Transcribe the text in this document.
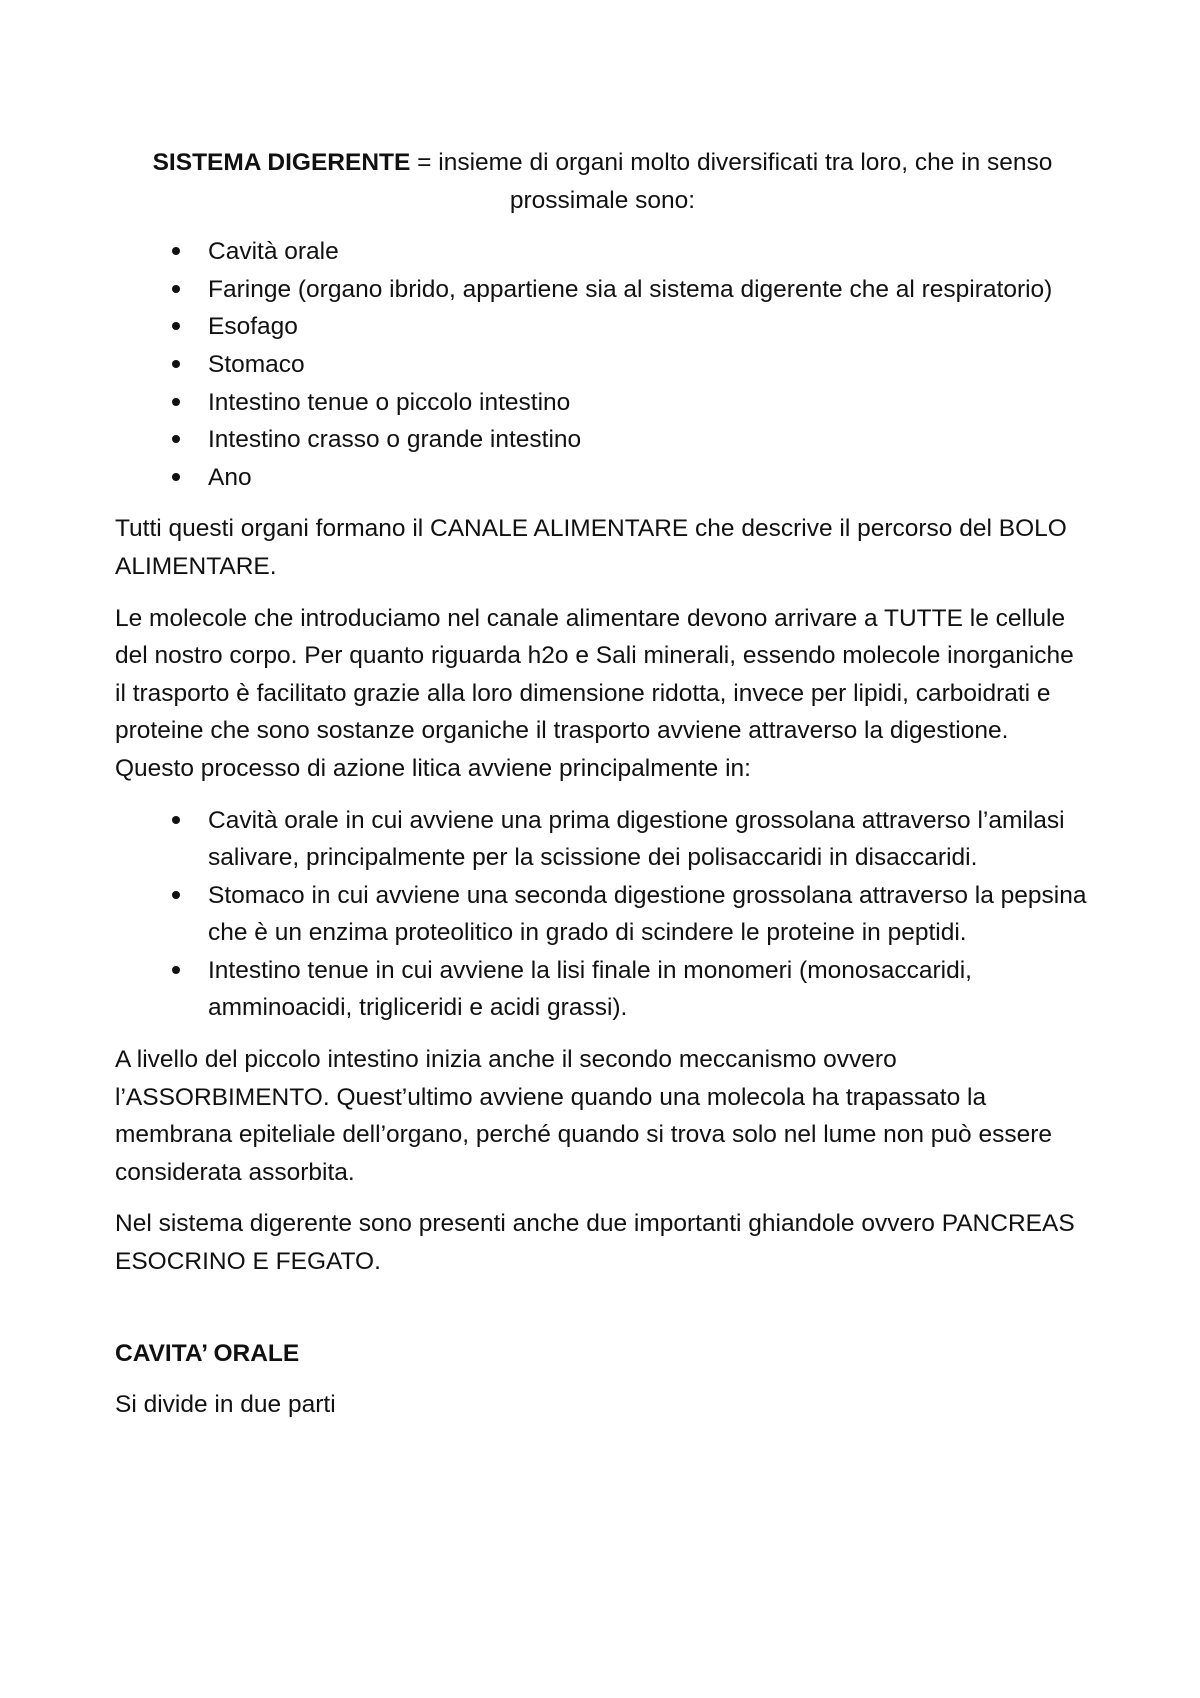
SISTEMA DIGERENTE = insieme di organi molto diversificati tra loro, che in senso prossimale sono:
Cavità orale
Faringe (organo ibrido, appartiene sia al sistema digerente che al respiratorio)
Esofago
Stomaco
Intestino tenue o piccolo intestino
Intestino crasso o grande intestino
Ano

Tutti questi organi formano il CANALE ALIMENTARE che descrive il percorso del BOLO ALIMENTARE.

Le molecole che introduciamo nel canale alimentare devono arrivare a TUTTE le cellule del nostro corpo. Per quanto riguarda h2o e Sali minerali, essendo molecole inorganiche il trasporto è facilitato grazie alla loro dimensione ridotta, invece per lipidi, carboidrati e proteine che sono sostanze organiche il trasporto avviene attraverso la digestione. Questo processo di azione litica avviene principalmente in:

Cavità orale in cui avviene una prima digestione grossolana attraverso l’amilasi salivare, principalmente per la scissione dei polisaccaridi in disaccaridi.
Stomaco in cui avviene una seconda digestione grossolana attraverso la pepsina che è un enzima proteolitico in grado di scindere le proteine in peptidi.
Intestino tenue in cui avviene la lisi finale in monomeri (monosaccaridi, amminoacidi, trigliceridi e acidi grassi).

A livello del piccolo intestino inizia anche il secondo meccanismo ovvero l’ASSORBIMENTO. Quest’ultimo avviene quando una molecola ha trapassato la membrana epiteliale dell’organo, perché quando si trova solo nel lume non può essere considerata assorbita.

Nel sistema digerente sono presenti anche due importanti ghiandole ovvero PANCREAS ESOCRINO E FEGATO.

CAVITA’ ORALE

Si divide in due parti
